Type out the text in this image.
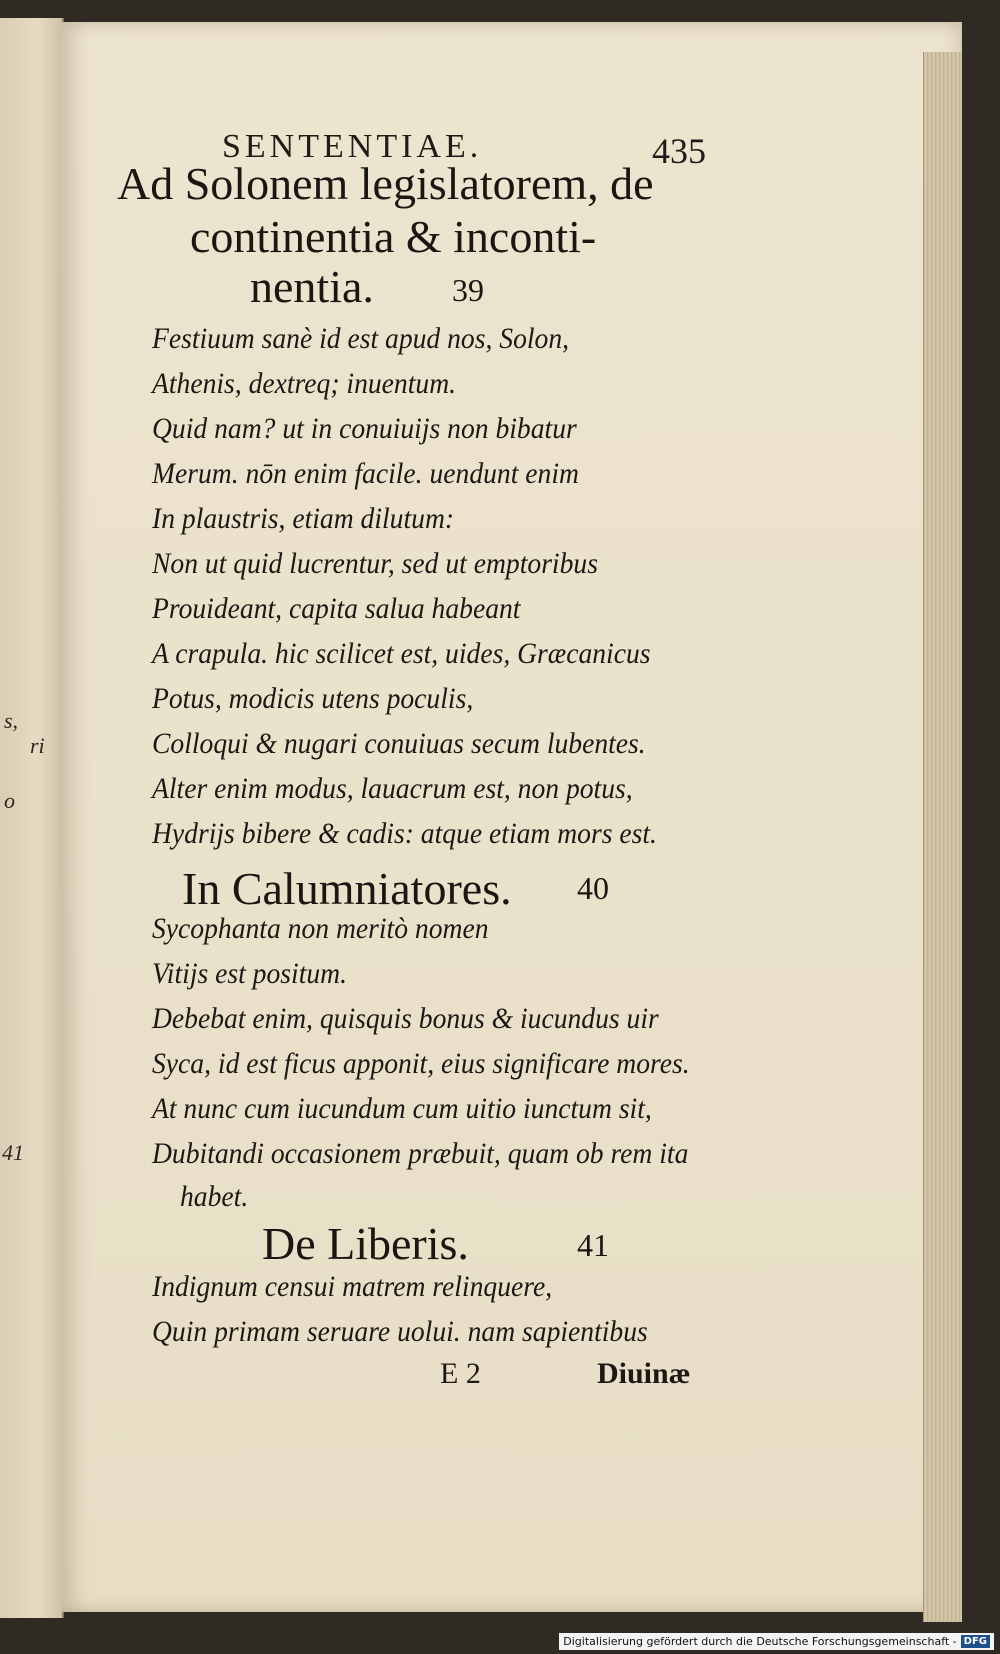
s,
ri
o
41
SENTENTIAE.	435
Ad Solonem legislatorem, de
continentia & inconti-
nentia. 39
Festiuum sanè id est apud nos, Solon,
Athenis, dextreq; inuentum.
Quid nam? ut in conuiuijs non bibatur
Merum. nōn enim facile. uendunt enim
In plaustris, etiam dilutum:
Non ut quid lucrentur, sed ut emptoribus
Prouideant, capita salua habeant
A crapula. hic scilicet est, uides, Græcanicus
Potus, modicis utens poculis,
Colloqui & nugari conuiuas secum lubentes.
Alter enim modus, lauacrum est, non potus,
Hydrijs bibere & cadis: atque etiam mors est.
In Calumniatores. 40
Sycophanta non meritò nomen
Vitijs est positum.
Debebat enim, quisquis bonus & iucundus uir
Syca, id est ficus apponit, eius significare mores.
At nunc cum iucundum cum uitio iunctum sit,
Dubitandi occasionem præbuit, quam ob rem ita
habet.
De Liberis.	41
Indignum censui matrem relinquere,
Quin primam seruare uolui. nam sapientibus
E 2	Diuinæ
Digitalisierung gefördert durch die Deutsche Forschungsgemeinschaft - DFG
